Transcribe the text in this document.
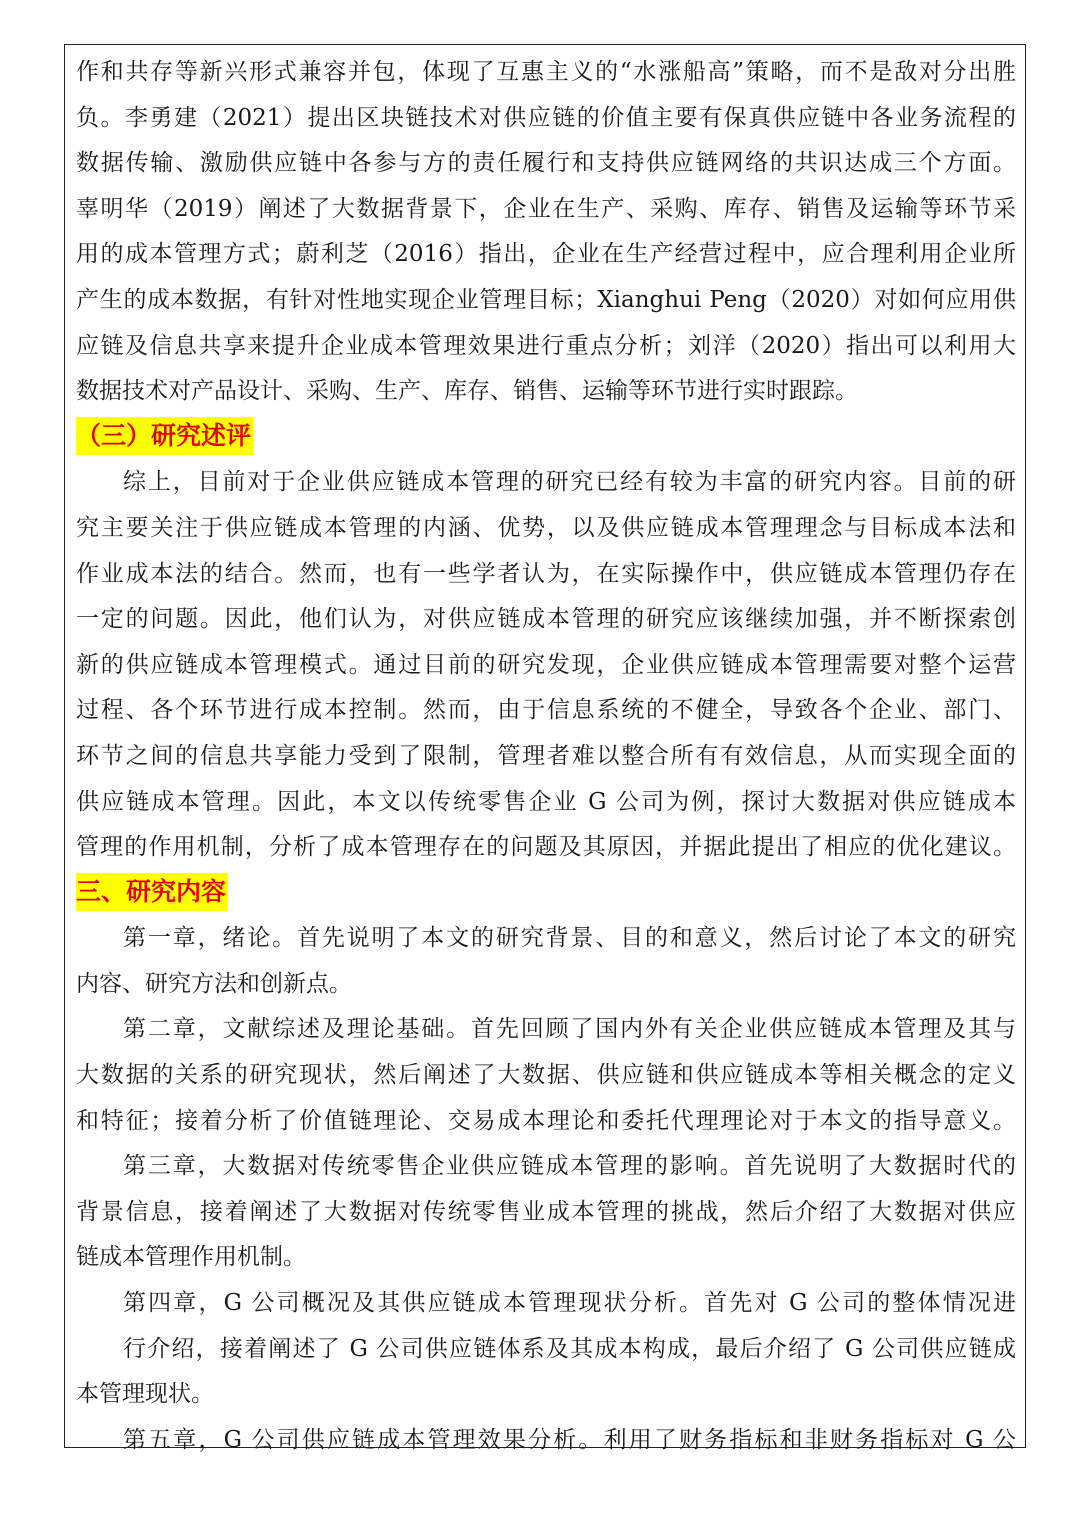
作和共存等新兴形式兼容并包，体现了互惠主义的“水涨船高”策略，而不是敌对分出胜
负。李勇建（2021）提出区块链技术对供应链的价值主要有保真供应链中各业务流程的
数据传输、激励供应链中各参与方的责任履行和支持供应链网络的共识达成三个方面。
辜明华（2019）阐述了大数据背景下，企业在生产、采购、库存、销售及运输等环节采
用的成本管理方式；蔚利芝（2016）指出，企业在生产经营过程中，应合理利用企业所
产生的成本数据，有针对性地实现企业管理目标；Xianghui Peng（2020）对如何应用供
应链及信息共享来提升企业成本管理效果进行重点分析；刘洋（2020）指出可以利用大
数据技术对产品设计、采购、生产、库存、销售、运输等环节进行实时跟踪。
（三）研究述评
综上，目前对于企业供应链成本管理的研究已经有较为丰富的研究内容。目前的研
究主要关注于供应链成本管理的内涵、优势，以及供应链成本管理理念与目标成本法和
作业成本法的结合。然而，也有一些学者认为，在实际操作中，供应链成本管理仍存在
一定的问题。因此，他们认为，对供应链成本管理的研究应该继续加强，并不断探索创
新的供应链成本管理模式。通过目前的研究发现，企业供应链成本管理需要对整个运营
过程、各个环节进行成本控制。然而，由于信息系统的不健全，导致各个企业、部门、
环节之间的信息共享能力受到了限制，管理者难以整合所有有效信息，从而实现全面的
供应链成本管理。因此，本文以传统零售企业 G 公司为例，探讨大数据对供应链成本
管理的作用机制，分析了成本管理存在的问题及其原因，并据此提出了相应的优化建议。
三、研究内容
第一章，绪论。首先说明了本文的研究背景、目的和意义，然后讨论了本文的研究
内容、研究方法和创新点。
第二章，文献综述及理论基础。首先回顾了国内外有关企业供应链成本管理及其与
大数据的关系的研究现状，然后阐述了大数据、供应链和供应链成本等相关概念的定义
和特征；接着分析了价值链理论、交易成本理论和委托代理理论对于本文的指导意义。
第三章，大数据对传统零售企业供应链成本管理的影响。首先说明了大数据时代的
背景信息，接着阐述了大数据对传统零售业成本管理的挑战，然后介绍了大数据对供应
链成本管理作用机制。
第四章，G 公司概况及其供应链成本管理现状分析。首先对 G 公司的整体情况进
行介绍，接着阐述了 G 公司供应链体系及其成本构成，最后介绍了 G 公司供应链成
本管理现状。
第五章，G 公司供应链成本管理效果分析。利用了财务指标和非财务指标对 G 公
